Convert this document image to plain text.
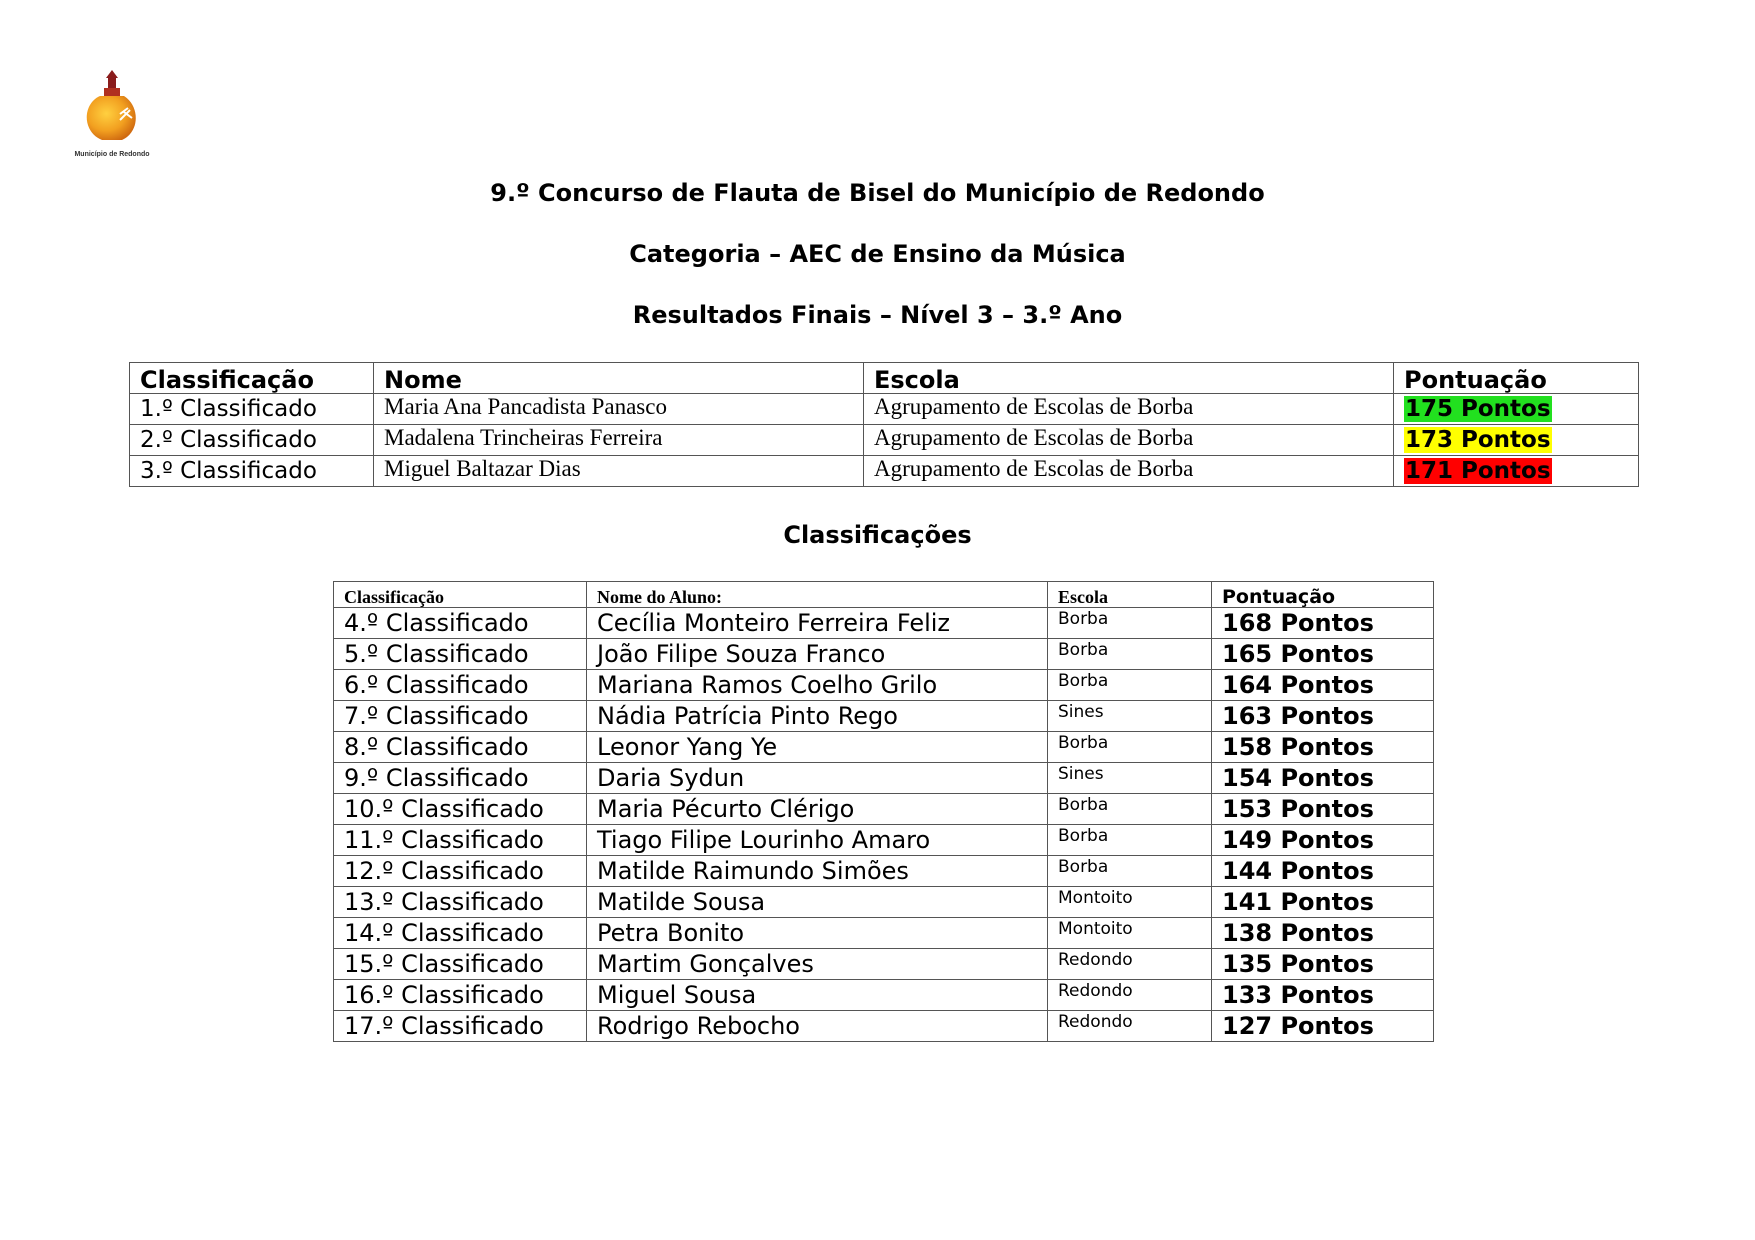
Município de Redondo
9.º Concurso de Flauta de Bisel do Município de Redondo
Categoria – AEC de Ensino da Música
Resultados Finais – Nível 3 – 3.º Ano
Classificação	Nome	Escola	Pontuação
1.º Classificado	Maria Ana Pancadista Panasco	Agrupamento de Escolas de Borba	175 Pontos
2.º Classificado	Madalena Trincheiras Ferreira	Agrupamento de Escolas de Borba	173 Pontos
3.º Classificado	Miguel Baltazar Dias	Agrupamento de Escolas de Borba	171 Pontos
Classificações
Classificação	Nome do Aluno:	Escola	Pontuação
4.º Classificado	Cecília Monteiro Ferreira Feliz	Borba	168 Pontos
5.º Classificado	João Filipe Souza Franco	Borba	165 Pontos
6.º Classificado	Mariana Ramos Coelho Grilo	Borba	164 Pontos
7.º Classificado	Nádia Patrícia Pinto Rego	Sines	163 Pontos
8.º Classificado	Leonor Yang Ye	Borba	158 Pontos
9.º Classificado	Daria Sydun	Sines	154 Pontos
10.º Classificado	Maria Pécurto Clérigo	Borba	153 Pontos
11.º Classificado	Tiago Filipe Lourinho Amaro	Borba	149 Pontos
12.º Classificado	Matilde Raimundo Simões	Borba	144 Pontos
13.º Classificado	Matilde Sousa	Montoito	141 Pontos
14.º Classificado	Petra Bonito	Montoito	138 Pontos
15.º Classificado	Martim Gonçalves	Redondo	135 Pontos
16.º Classificado	Miguel Sousa	Redondo	133 Pontos
17.º Classificado	Rodrigo Rebocho	Redondo	127 Pontos
